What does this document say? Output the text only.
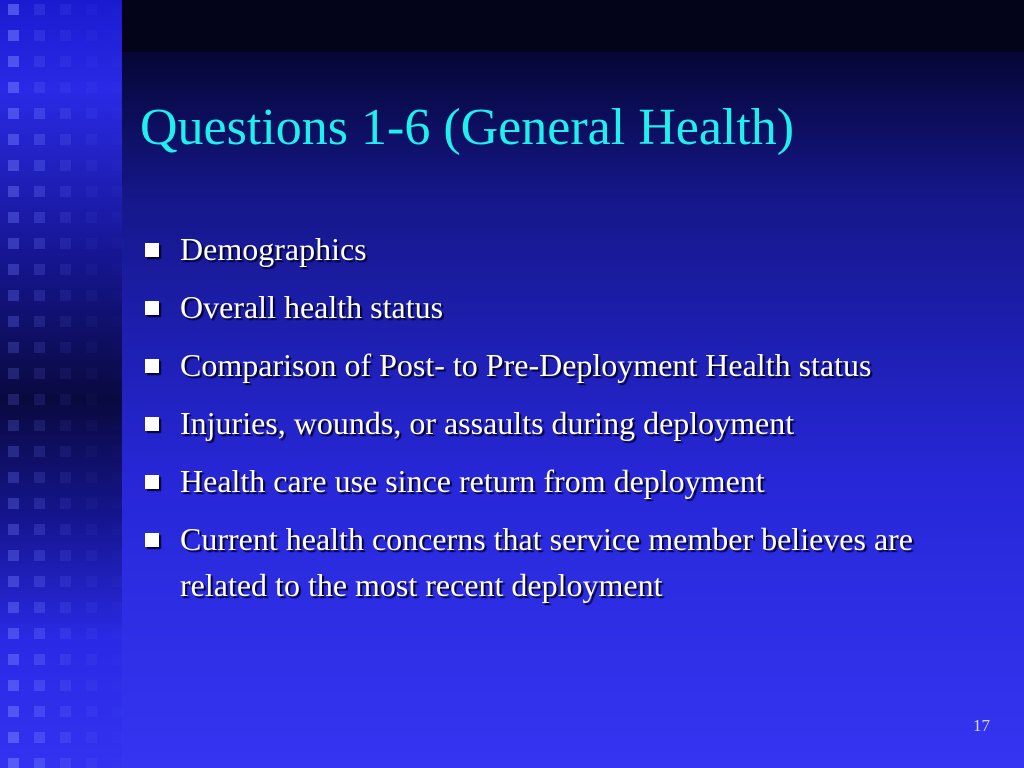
Questions 1-6 (General Health)
Demographics
Overall health status
Comparison of Post- to Pre-Deployment Health status
Injuries, wounds, or assaults during deployment
Health care use since return from deployment
Current health concerns that service member believes are related to the most recent deployment
17
